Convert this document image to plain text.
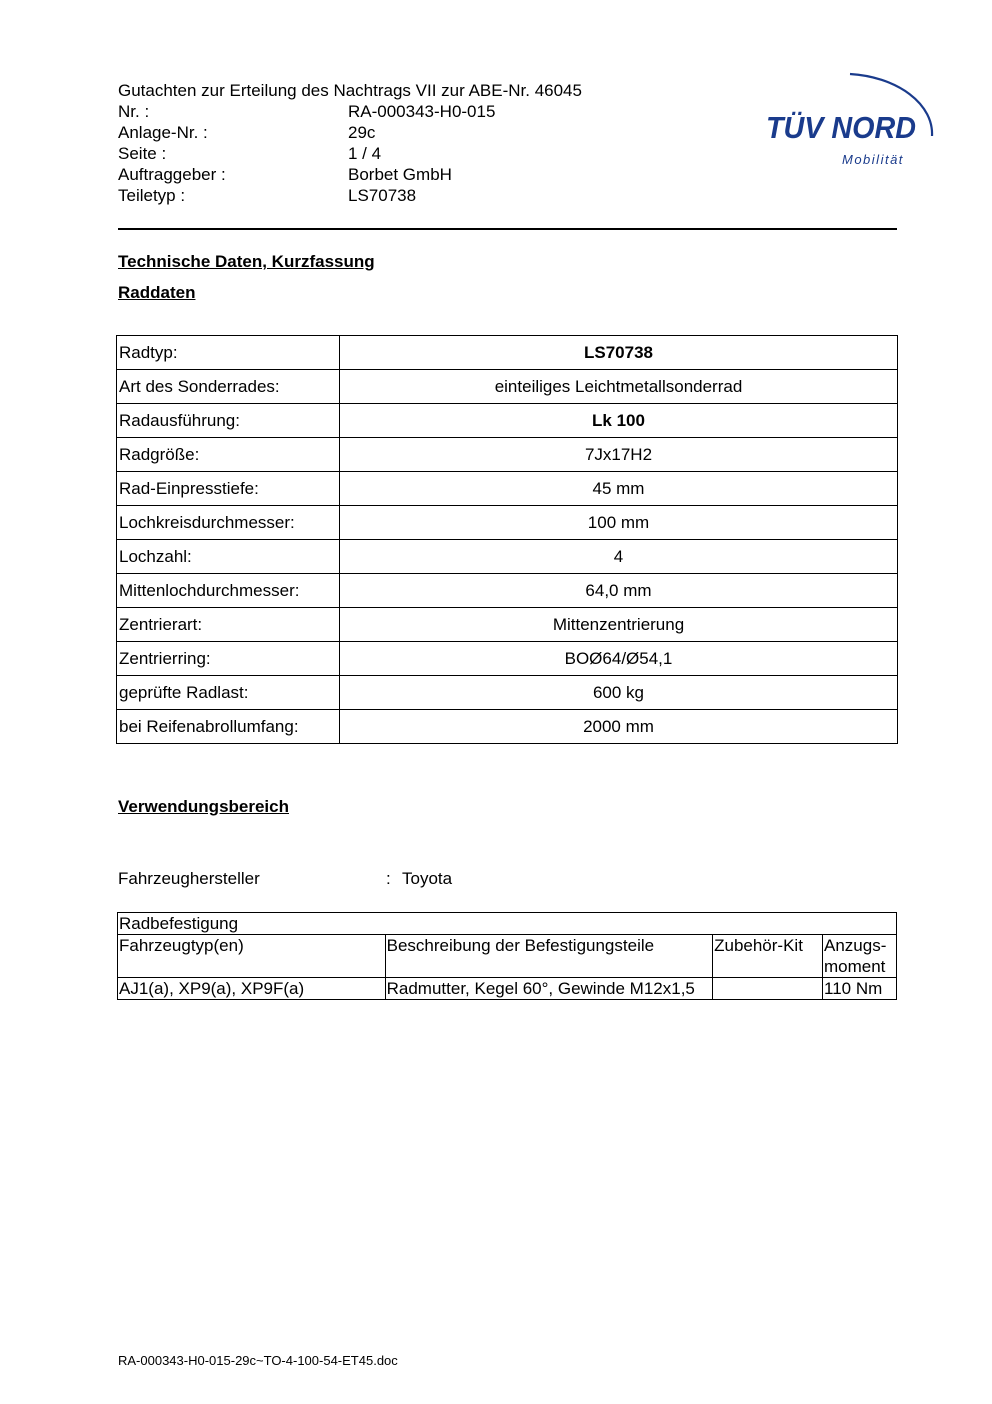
Gutachten zur Erteilung des Nachtrags VII zur ABE-Nr. 46045
Nr. :	RA-000343-H0-015
Anlage-Nr. :	29c
Seite :	1 / 4
Auftraggeber :	Borbet GmbH
Teiletyp :	LS70738
TÜV NORD
Mobilität
Technische Daten, Kurzfassung
Raddaten
Radtyp:	LS70738
Art des Sonderrades:	einteiliges Leichtmetallsonderrad
Radausführung:	Lk 100
Radgröße:	7Jx17H2
Rad-Einpresstiefe:	45 mm
Lochkreisdurchmesser:	100 mm
Lochzahl:	4
Mittenlochdurchmesser:	64,0 mm
Zentrierart:	Mittenzentrierung
Zentrierring:	BOØ64/Ø54,1
geprüfte Radlast:	600 kg
bei Reifenabrollumfang:	2000 mm
Verwendungsbereich
Fahrzeughersteller	: Toyota
Radbefestigung			
Fahrzeugtyp(en)	Beschreibung der Befestigungsteile	Zubehör-Kit	Anzugs-moment
AJ1(a), XP9(a), XP9F(a)	Radmutter, Kegel 60°, Gewinde M12x1,5		110 Nm
RA-000343-H0-015-29c~TO-4-100-54-ET45.doc
